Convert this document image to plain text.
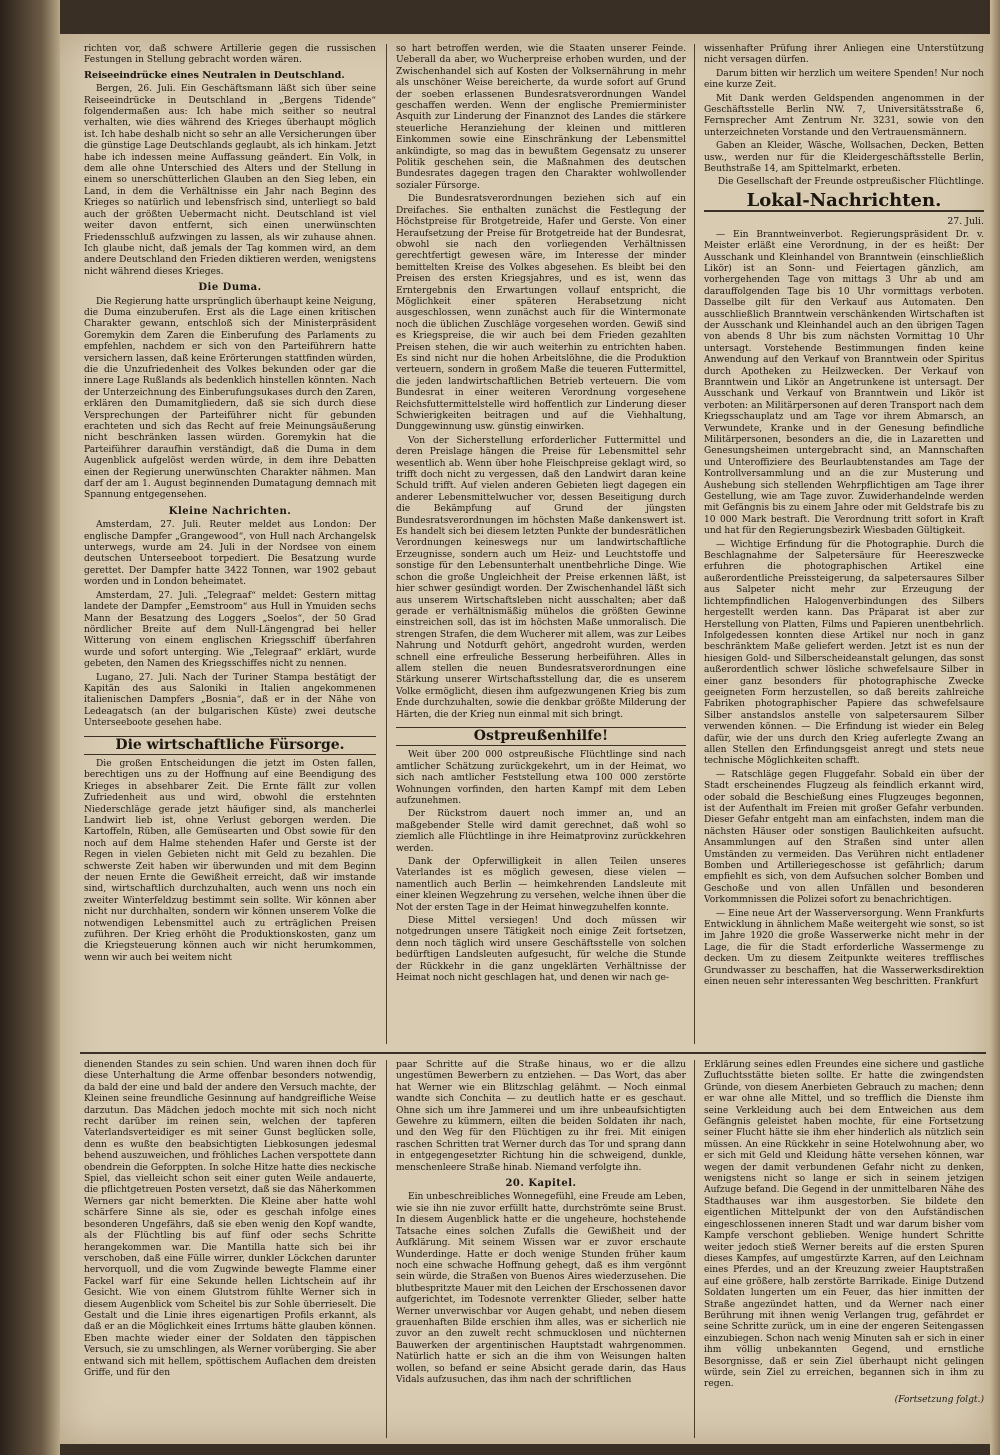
richten vor, daß schwere Artillerie gegen die russischen Festungen in Stellung gebracht worden wären.

Reiseeindrücke eines Neutralen in Deutschland.

Bergen, 26. Juli. Ein Geschäftsmann läßt sich über seine Reiseeindrücke in Deutschland in „Bergens Tidende“ folgendermaßen aus: Ich habe mich seither so neutral verhalten, wie dies während des Krieges überhaupt möglich ist. Ich habe deshalb nicht so sehr an alle Versicherungen über die günstige Lage Deutschlands geglaubt, als ich hinkam. Jetzt habe ich indessen meine Auffassung geändert. Ein Volk, in dem alle ohne Unterschied des Alters und der Stellung in einem so unerschütterlichen Glauben an den Sieg leben, ein Land, in dem die Verhältnisse ein Jahr nach Beginn des Krieges so natürlich und lebensfrisch sind, unterliegt so bald auch der größten Uebermacht nicht. Deutschland ist viel weiter davon entfernt, sich einen unerwünschten Friedensschluß aufzwingen zu lassen, als wir zuhause ahnen. Ich glaube nicht, daß jemals der Tag kommen wird, an dem andere Deutschland den Frieden diktieren werden, wenigstens nicht während dieses Krieges.

Die Duma.

Die Regierung hatte ursprünglich überhaupt keine Neigung, die Duma einzuberufen. Erst als die Lage einen kritischen Charakter gewann, entschloß sich der Ministerpräsident Goremykin dem Zaren die Einberufung des Parlaments zu empfehlen, nachdem er sich von den Parteiführern hatte versichern lassen, daß keine Erörterungen stattfinden würden, die die Unzufriedenheit des Volkes bekunden oder gar die innere Lage Rußlands als bedenklich hinstellen könnten. Nach der Unterzeichnung des Einberufungsukases durch den Zaren, erklären den Dumamitgliedern, daß sie sich durch diese Versprechungen der Parteiführer nicht für gebunden erachteten und sich das Recht auf freie Meinungsäußerung nicht beschränken lassen würden. Goremykin hat die Parteiführer daraufhin verständigt, daß die Duma in dem Augenblick aufgelöst werden würde, in dem ihre Debatten einen der Regierung unerwünschten Charakter nähmen. Man darf der am 1. August beginnenden Dumatagung demnach mit Spannung entgegensehen.

Kleine Nachrichten.

Amsterdam, 27. Juli. Reuter meldet aus London: Der englische Dampfer „Grangewood“, von Hull nach Archangelsk unterwegs, wurde am 24. Juli in der Nordsee von einem deutschen Unterseeboot torpediert. Die Besatzung wurde gerettet. Der Dampfer hatte 3422 Tonnen, war 1902 gebaut worden und in London beheimatet.

Amsterdam, 27. Juli. „Telegraaf“ meldet: Gestern mittag landete der Dampfer „Eemstroom“ aus Hull in Ymuiden sechs Mann der Besatzung des Loggers „Soelos“, der 50 Grad nördlicher Breite auf dem Null-Längengrad bei heller Witterung von einem englischen Kriegsschiff überfahren wurde und sofort unterging. Wie „Telegraaf“ erklärt, wurde gebeten, den Namen des Kriegsschiffes nicht zu nennen.

Lugano, 27. Juli. Nach der Turiner Stampa bestätigt der Kapitän des aus Saloniki in Italien angekommenen italienischen Dampfers „Bosnia“, daß er in der Nähe von Ledeagatsch (an der bulgarischen Küste) zwei deutsche Unterseeboote gesehen habe.

Die wirtschaftliche Fürsorge.

Die großen Entscheidungen die jetzt im Osten fallen, berechtigen uns zu der Hoffnung auf eine Beendigung des Krieges in absehbarer Zeit. Die Ernte fällt zur vollen Zufriedenheit aus und wird, obwohl die erstehnten Niederschläge gerade jetzt häufiger sind, als mancherlei Landwirt lieb ist, ohne Verlust geborgen werden. Die Kartoffeln, Rüben, alle Gemüsearten und Obst sowie für den noch auf dem Halme stehenden Hafer und Gerste ist der Regen in vielen Gebieten nicht mit Geld zu bezahlen. Die schwerste Zeit haben wir überwunden und mit dem Beginn der neuen Ernte die Gewißheit erreicht, daß wir imstande sind, wirtschaftlich durchzuhalten, auch wenn uns noch ein zweiter Winterfeldzug bestimmt sein sollte. Wir können aber nicht nur durchhalten, sondern wir können unserem Volke die notwendigen Lebensmittel auch zu erträglichen Preisen zuführen. Der Krieg erhöht die Produktionskosten, ganz um die Kriegsteuerung können auch wir nicht herumkommen, wenn wir auch bei weitem nicht

so hart betroffen werden, wie die Staaten unserer Feinde. Ueberall da aber, wo Wucherpreise erhoben wurden, und der Zwischenhandel sich auf Kosten der Volksernährung in mehr als unschöner Weise bereicherte, da wurde sofort auf Grund der soeben erlassenen Bundesratsverordnungen Wandel geschaffen werden. Wenn der englische Premierminister Asquith zur Linderung der Finanznot des Landes die stärkere steuerliche Heranziehung der kleinen und mittleren Einkommen sowie eine Einschränkung der Lebensmittel ankündigte, so mag das in bewußtem Gegensatz zu unserer Politik geschehen sein, die Maßnahmen des deutschen Bundesrates dagegen tragen den Charakter wohlwollender sozialer Fürsorge.

Die Bundesratsverordnungen beziehen sich auf ein Dreifaches. Sie enthalten zunächst die Festlegung der Höchstpreise für Brotgetreide, Hafer und Gerste. Von einer Heraufsetzung der Preise für Brotgetreide hat der Bundesrat, obwohl sie nach den vorliegenden Verhältnissen gerechtfertigt gewesen wäre, im Interesse der minder bemittelten Kreise des Volkes abgesehen. Es bleibt bei den Preisen des ersten Kriegsjahres, und es ist, wenn das Erntergebnis den Erwartungen vollauf entspricht, die Möglichkeit einer späteren Herabsetzung nicht ausgeschlossen, wenn zunächst auch für die Wintermonate noch die üblichen Zuschläge vorgesehen worden. Gewiß sind es Kriegspreise, die wir auch bei dem Frieden gezahlten Preisen stehen, die wir auch weiterhin zu entrichten haben. Es sind nicht nur die hohen Arbeitslöhne, die die Produktion verteuern, sondern in großem Maße die teueren Futtermittel, die jeden landwirtschaftlichen Betrieb verteuern. Die vom Bundesrat in einer weiteren Verordnung vorgesehene Reichsfuttermittelstelle wird hoffentlich zur Linderung dieser Schwierigkeiten beitragen und auf die Viehhaltung, Dunggewinnung usw. günstig einwirken.

Von der Sicherstellung erforderlicher Futtermittel und deren Preislage hängen die Preise für Lebensmittel sehr wesentlich ab. Wenn über hohe Fleischpreise geklagt wird, so trifft doch nicht zu vergessen, daß den Landwirt daran keine Schuld trifft. Auf vielen anderen Gebieten liegt dagegen ein anderer Lebensmittelwucher vor, dessen Beseitigung durch die Bekämpfung auf Grund der jüngsten Bundesratsverordnungen im höchsten Maße dankenswert ist. Es handelt sich bei diesem letzten Punkte der bundesrätlichen Verordnungen keineswegs nur um landwirtschaftliche Erzeugnisse, sondern auch um Heiz- und Leuchtstoffe und sonstige für den Lebensunterhalt unentbehrliche Dinge. Wie schon die große Ungleichheit der Preise erkennen läßt, ist hier schwer gesündigt worden. Der Zwischenhandel läßt sich aus unserem Wirtschaftsleben nicht ausschalten; aber daß gerade er verhältnismäßig mühelos die größten Gewinne einstreichen soll, das ist im höchsten Maße unmoralisch. Die strengen Strafen, die dem Wucherer mit allem, was zur Leibes Nahrung und Notdurft gehört, angedroht wurden, werden schnell eine erfreuliche Besserung herbeiführen. Alles in allem stellen die neuen Bundesratsverordnungen eine Stärkung unserer Wirtschaftsstellung dar, die es unserem Volke ermöglicht, diesen ihm aufgezwungenen Krieg bis zum Ende durchzuhalten, sowie die denkbar größte Milderung der Härten, die der Krieg nun einmal mit sich bringt.

Ostpreußenhilfe!

Weit über 200 000 ostpreußische Flüchtlinge sind nach amtlicher Schätzung zurückgekehrt, um in der Heimat, wo sich nach amtlicher Feststellung etwa 100 000 zerstörte Wohnungen vorfinden, den harten Kampf mit dem Leben aufzunehmen.

Der Rückstrom dauert noch immer an, und an maßgebender Stelle wird damit gerechnet, daß wohl so ziemlich alle Flüchtlinge in ihre Heimatprovinz zurückkehren werden.

Dank der Opferwilligkeit in allen Teilen unseres Vaterlandes ist es möglich gewesen, diese vielen — namentlich auch Berlin — heimkehrenden Landsleute mit einer kleinen Wegzehrung zu versehen, welche ihnen über die Not der ersten Tage in der Heimat hinwegzuhelfen konnte.

Diese Mittel versiegen! Und doch müssen wir notgedrungen unsere Tätigkeit noch einige Zeit fortsetzen, denn noch täglich wird unsere Geschäftsstelle von solchen bedürftigen Landsleuten aufgesucht, für welche die Stunde der Rückkehr in die ganz ungeklärten Verhältnisse der Heimat noch nicht geschlagen hat, und denen wir nach ge-

wissenhafter Prüfung ihrer Anliegen eine Unterstützung nicht versagen dürfen.

Darum bitten wir herzlich um weitere Spenden! Nur noch eine kurze Zeit.

Mit Dank werden Geldspenden angenommen in der Geschäftsstelle Berlin NW. 7, Universitätsstraße 6, Fernsprecher Amt Zentrum Nr. 3231, sowie von den unterzeichneten Vorstande und den Vertrauensmännern.

Gaben an Kleider, Wäsche, Wollsachen, Decken, Betten usw., werden nur für die Kleidergeschäftsstelle Berlin, Beuthstraße 14, am Spittelmarkt, erbeten.

Die Gesellschaft der Freunde ostpreußischer Flüchtlinge.

Lokal-Nachrichten.
27. Juli.

— Ein Branntweinverbot. Regierungspräsident Dr. v. Meister erläßt eine Verordnung, in der es heißt: Der Ausschank und Kleinhandel von Branntwein (einschließlich Likör) ist an Sonn- und Feiertagen gänzlich, am vorhergehenden Tage von mittags 3 Uhr ab und am darauffolgenden Tage bis 10 Uhr vormittags verboten. Dasselbe gilt für den Verkauf aus Automaten. Den ausschließlich Branntwein verschänkenden Wirtschaften ist der Ausschank und Kleinhandel auch an den übrigen Tagen von abends 8 Uhr bis zum nächsten Vormittag 10 Uhr untersagt. Vorstehende Bestimmungen finden keine Anwendung auf den Verkauf von Branntwein oder Spiritus durch Apotheken zu Heilzwecken. Der Verkauf von Branntwein und Likör an Angetrunkene ist untersagt. Der Ausschank und Verkauf von Branntwein und Likör ist verboten: an Militärpersonen auf deren Transport nach dem Kriegsschauplatz und am Tage vor ihrem Abmarsch, an Verwundete, Kranke und in der Genesung befindliche Militärpersonen, besonders an die, die in Lazaretten und Genesungsheimen untergebracht sind, an Mannschaften und Unteroffiziere des Beurlaubtenstandes am Tage der Kontrollversammlung und an die zur Musterung und Aushebung sich stellenden Wehrpflichtigen am Tage ihrer Gestellung, wie am Tage zuvor. Zuwiderhandelnde werden mit Gefängnis bis zu einem Jahre oder mit Geldstrafe bis zu 10 000 Mark bestraft. Die Verordnung tritt sofort in Kraft und hat für den Regierungsbezirk Wiesbaden Gültigkeit.

— Wichtige Erfindung für die Photographie. Durch die Beschlagnahme der Salpetersäure für Heereszwecke erfuhren die photographischen Artikel eine außerordentliche Preissteigerung, da salpetersaures Silber aus Salpeter nicht mehr zur Erzeugung der lichtempfindlichen Halogenverbindungen des Silbers hergestellt werden kann. Das Präparat ist aber zur Herstellung von Platten, Films und Papieren unentbehrlich. Infolgedessen konnten diese Artikel nur noch in ganz beschränktem Maße geliefert werden. Jetzt ist es nun der hiesigen Gold- und Silberscheideanstalt gelungen, das sonst außerordentlich schwer lösliche schwefelsaure Silber in einer ganz besonders für photographische Zwecke geeigneten Form herzustellen, so daß bereits zahlreiche Fabriken photographischer Papiere das schwefelsaure Silber anstandslos anstelle von salpetersaurem Silber verwenden können. — Die Erfindung ist wieder ein Beleg dafür, wie der uns durch den Krieg auferlegte Zwang an allen Stellen den Erfindungsgeist anregt und stets neue technische Möglichkeiten schafft.

— Ratschläge gegen Fluggefahr. Sobald ein über der Stadt erscheinendes Flugzeug als feindlich erkannt wird, oder sobald die Beschießung eines Flugzeuges begonnen, ist der Aufenthalt im Freien mit großer Gefahr verbunden. Dieser Gefahr entgeht man am einfachsten, indem man die nächsten Häuser oder sonstigen Baulichkeiten aufsucht. Ansammlungen auf den Straßen sind unter allen Umständen zu vermeiden. Das Verühren nicht entladener Bomben und Artilleriegeschosse ist gefährlich; darum empfiehlt es sich, von dem Aufsuchen solcher Bomben und Geschoße und von allen Unfällen und besonderen Vorkommnissen die Polizei sofort zu benachrichtigen.

— Eine neue Art der Wasserversorgung. Wenn Frankfurts Entwicklung in ähnlichem Maße weitergeht wie sonst, so ist im Jahre 1920 die große Wasserwerke nicht mehr in der Lage, die für die Stadt erforderliche Wassermenge zu decken. Um zu diesem Zeitpunkte weiteres trefflisches Grundwasser zu beschaffen, hat die Wasserwerksdirektion einen neuen sehr interessanten Weg beschritten. Frankfurt

dienenden Standes zu sein schien. Und waren ihnen doch für diese Unterhaltung die Arme offenbar besonders notwendig, da bald der eine und bald der andere den Versuch machte, der Kleinen seine freundliche Gesinnung auf handgreifliche Weise darzutun. Das Mädchen jedoch mochte mit sich noch nicht recht darüber im reinen sein, welchen der tapferen Vaterlandsverteidiger es mit seiner Gunst beglücken solle, denn es wußte den beabsichtigten Liebkosungen jedesmal behend auszuweichen, und fröhliches Lachen verspottete dann obendrein die Geforppten. In solche Hitze hatte dies neckische Spiel, das vielleicht schon seit einer guten Weile andauerte, die pflichtgetreuen Posten versetzt, daß sie das Näherkommen Werners gar nicht bemerkten. Die Kleine aber hatte wohl schärfere Sinne als sie, oder es geschah infolge eines besonderen Ungefährs, daß sie eben wenig den Kopf wandte, als der Flüchtling bis auf fünf oder sechs Schritte herangekommen war. Die Mantilla hatte sich bei ihr verschoben, daß eine Fülle wirrer, dunkler Löckchen darunter hervorquoll, und die vom Zugwinde bewegte Flamme einer Fackel warf für eine Sekunde hellen Lichtschein auf ihr Gesicht. Wie von einem Glutstrom fühlte Werner sich in diesem Augenblick vom Scheitel bis zur Sohle überrieselt. Die Gestalt und die Linie ihres eigenartigen Profils erkannt, als daß er an die Möglichkeit eines Irrtums hätte glauben können. Eben machte wieder einer der Soldaten den täppischen Versuch, sie zu umschlingen, als Werner vorüberging. Sie aber entwand sich mit hellem, spöttischem Auflachen dem dreisten Griffe, und für den

paar Schritte auf die Straße hinaus, wo er die allzu ungestümen Bewerbern zu entziehen. — Das Wort, das aber hat Werner wie ein Blitzschlag gelähmt. — Noch einmal wandte sich Conchita — zu deutlich hatte er es geschaut. Ohne sich um ihre Jammerei und um ihre unbeaufsichtigten Gewehre zu kümmern, eilten die beiden Soldaten ihr nach, und den Weg für den Flüchtigen zu ihr frei. Mit einigen raschen Schritten trat Werner durch das Tor und sprang dann in entgegengesetzter Richtung hin die schweigend, dunkle, menschenleere Straße hinab. Niemand verfolgte ihn.

20. Kapitel.

Ein unbeschreibliches Wonnegefühl, eine Freude am Leben, wie sie ihn nie zuvor erfüllt hatte, durchströmte seine Brust. In diesem Augenblick hatte er die ungeheure, hochstehende Tatsache eines solchen Zufalls die Gewißheit und der Aufklärung. Mit seinem Wissen war er zuvor erschaute Wunderdinge. Hatte er doch wenige Stunden früher kaum noch eine schwache Hoffnung gehegt, daß es ihm vergönnt sein würde, die Straßen von Buenos Aires wiederzusehen. Die blutbespritzte Mauer mit den Leichen der Erschossenen davor aufgerichtet, im Todesnote verrenkter Glieder, selber hatte Werner unverwischbar vor Augen gehabt, und neben diesem grauenhaften Bilde erschien ihm alles, was er sicherlich nie zuvor an den zuwelt recht schmucklosen und nüchternen Bauwerken der argentinischen Hauptstadt wahrgenommen. Natürlich hatte er sich an die ihm von Weisungen halten wollen, so befand er seine Absicht gerade darin, das Haus Vidals aufzusuchen, das ihm nach der schriftlichen

Erklärung seines edlen Freundes eine sichere und gastliche Zufluchtsstätte bieten sollte. Er hatte die zwingendsten Gründe, von diesem Anerbieten Gebrauch zu machen; denn er war ohne alle Mittel, und so trefflich die Dienste ihm seine Verkleidung auch bei dem Entweichen aus dem Gefängnis geleistet haben mochte, für eine Fortsetzung seiner Flucht hätte sie ihm eher hinderlich als nützlich sein müssen. An eine Rückkehr in seine Hotelwohnung aber, wo er sich mit Geld und Kleidung hätte versehen können, war wegen der damit verbundenen Gefahr nicht zu denken, wenigstens nicht so lange er sich in seinem jetzigen Aufzuge befand. Die Gegend in der unmittelbaren Nähe des Stadthauses war ihm ausgestorben. Sie bildete den eigentlichen Mittelpunkt der von den Aufständischen eingeschlossenen inneren Stadt und war darum bisher vom Kampfe verschont geblieben. Wenige hundert Schritte weiter jedoch stieß Werner bereits auf die ersten Spuren dieses Kampfes, auf umgestürzte Karren, auf den Leichnam eines Pferdes, und an der Kreuzung zweier Hauptstraßen auf eine größere, halb zerstörte Barrikade. Einige Dutzend Soldaten lungerten um ein Feuer, das hier inmitten der Straße angezündet hatten, und da Werner nach einer Berührung mit ihnen wenig Verlangen trug, gefährdet er seine Schritte zurück, um in eine der engeren Seitengassen einzubiegen. Schon nach wenig Minuten sah er sich in einer ihm völlig unbekannten Gegend, und ernstliche Besorgnisse, daß er sein Ziel überhaupt nicht gelingen würde, sein Ziel zu erreichen, begannen sich in ihm zu regen.

(Fortsetzung folgt.)
